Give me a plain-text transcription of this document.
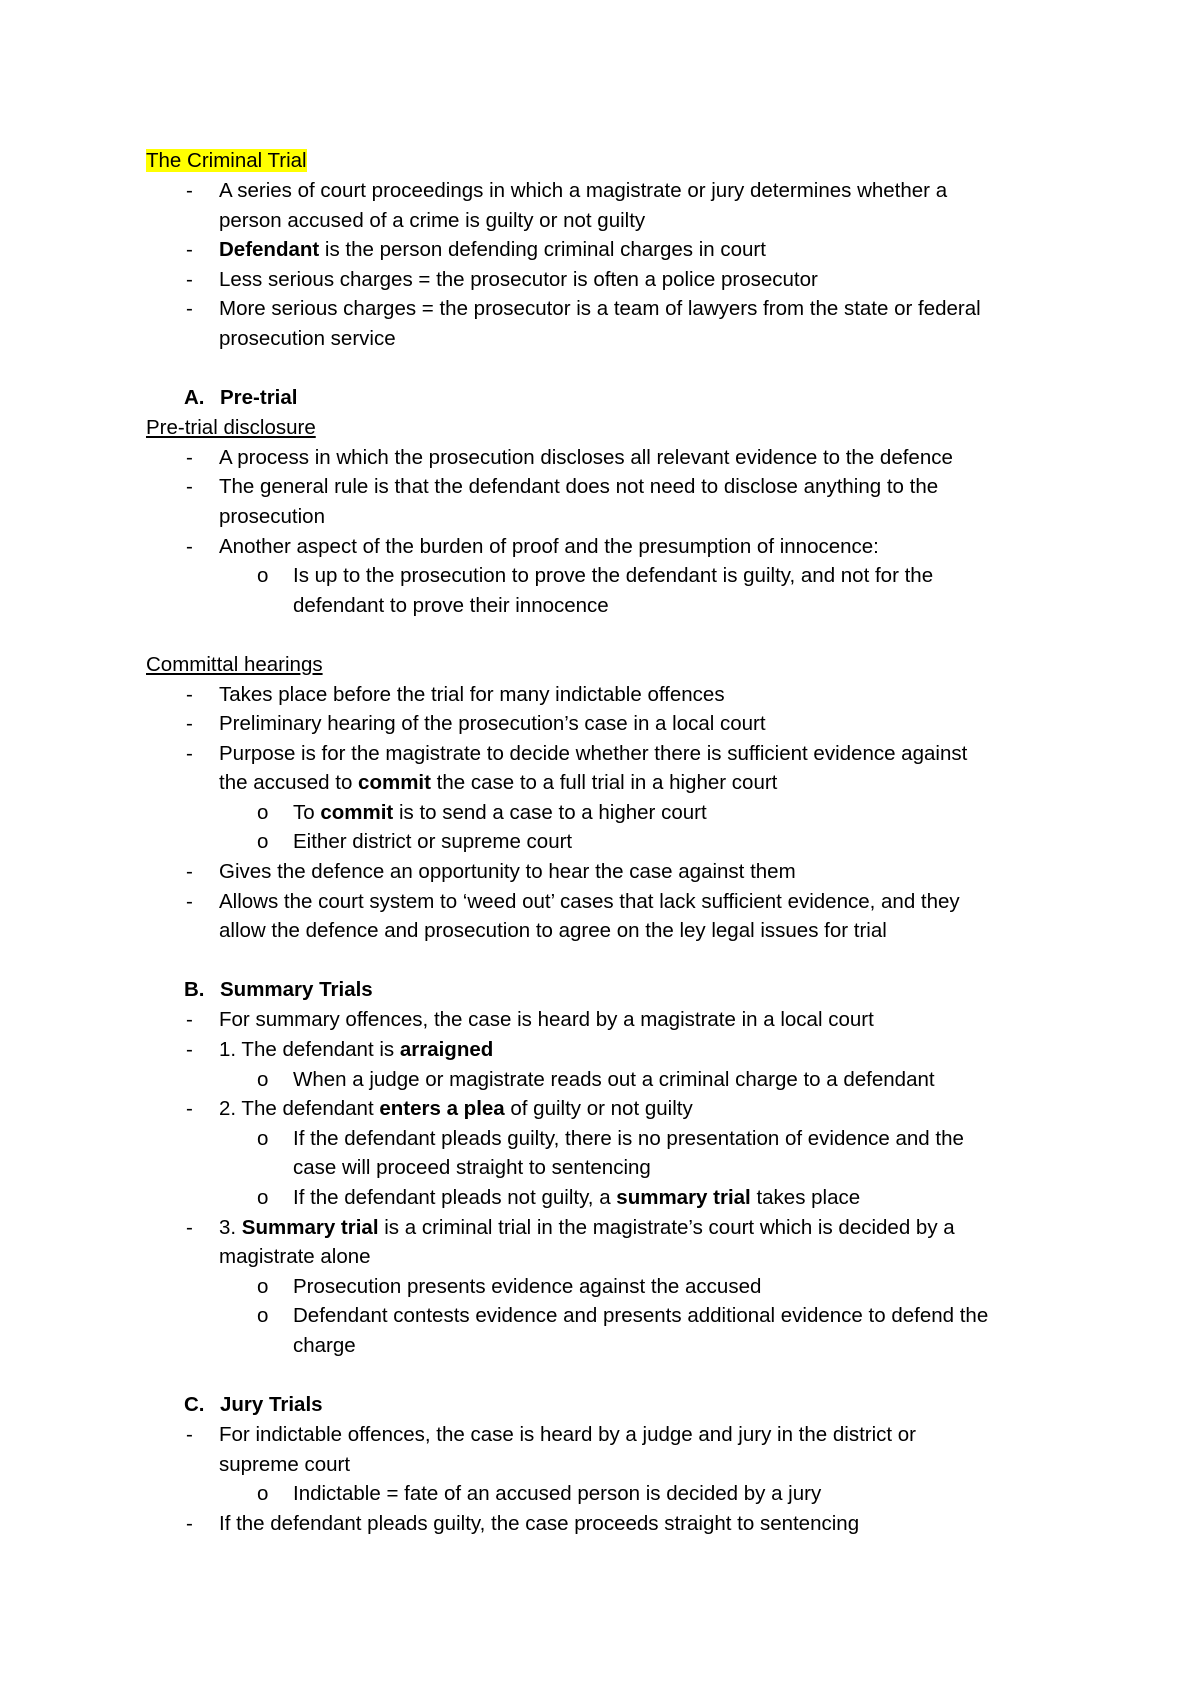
The Criminal Trial
- A series of court proceedings in which a magistrate or jury determines whether a
person accused of a crime is guilty or not guilty
- Defendant is the person defending criminal charges in court
- Less serious charges = the prosecutor is often a police prosecutor
- More serious charges = the prosecutor is a team of lawyers from the state or federal
prosecution service
A. Pre-trial
Pre-trial disclosure
- A process in which the prosecution discloses all relevant evidence to the defence
- The general rule is that the defendant does not need to disclose anything to the
prosecution
- Another aspect of the burden of proof and the presumption of innocence:
o Is up to the prosecution to prove the defendant is guilty, and not for the
defendant to prove their innocence
Committal hearings
- Takes place before the trial for many indictable offences
- Preliminary hearing of the prosecution’s case in a local court
- Purpose is for the magistrate to decide whether there is sufficient evidence against
the accused to commit the case to a full trial in a higher court
o To commit is to send a case to a higher court
o Either district or supreme court
- Gives the defence an opportunity to hear the case against them
- Allows the court system to ‘weed out’ cases that lack sufficient evidence, and they
allow the defence and prosecution to agree on the ley legal issues for trial
B. Summary Trials
- For summary offences, the case is heard by a magistrate in a local court
- 1. The defendant is arraigned
o When a judge or magistrate reads out a criminal charge to a defendant
- 2. The defendant enters a plea of guilty or not guilty
o If the defendant pleads guilty, there is no presentation of evidence and the
case will proceed straight to sentencing
o If the defendant pleads not guilty, a summary trial takes place
- 3. Summary trial is a criminal trial in the magistrate’s court which is decided by a
magistrate alone
o Prosecution presents evidence against the accused
o Defendant contests evidence and presents additional evidence to defend the
charge
C. Jury Trials
- For indictable offences, the case is heard by a judge and jury in the district or
supreme court
o Indictable = fate of an accused person is decided by a jury
- If the defendant pleads guilty, the case proceeds straight to sentencing
